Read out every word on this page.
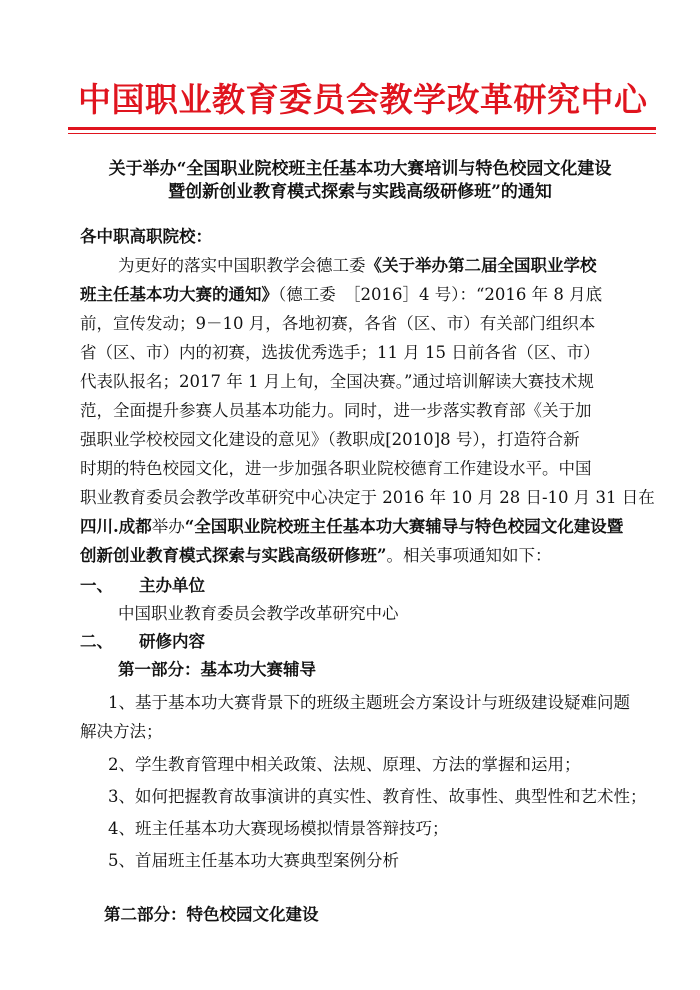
中国职业教育委员会教学改革研究中心
关于举办“全国职业院校班主任基本功大赛培训与特色校园文化建设
暨创新创业教育模式探索与实践高级研修班”的通知
各中职高职院校：
为更好的落实中国职教学会德工委《关于举办第二届全国职业学校
班主任基本功大赛的通知》（德工委　［2016］4 号）：“2016 年 8 月底
前，宣传发动；9－10 月，各地初赛，各省（区、市）有关部门组织本
省（区、市）内的初赛，选拔优秀选手；11 月 15 日前各省（区、市）
代表队报名；2017 年 1 月上旬，全国决赛。”通过培训解读大赛技术规
范，全面提升参赛人员基本功能力。同时，进一步落实教育部《关于加
强职业学校校园文化建设的意见》（教职成[2010]8 号），打造符合新
时期的特色校园文化，进一步加强各职业院校德育工作建设水平。中国
职业教育委员会教学改革研究中心决定于 2016 年 10 月 28 日-10 月 31 日在
四川.成都举办“全国职业院校班主任基本功大赛辅导与特色校园文化建设暨
创新创业教育模式探索与实践高级研修班”。相关事项通知如下：
一、 主办单位
中国职业教育委员会教学改革研究中心
二、 研修内容
第一部分：基本功大赛辅导
1、基于基本功大赛背景下的班级主题班会方案设计与班级建设疑难问题
解决方法；
2、学生教育管理中相关政策、法规、原理、方法的掌握和运用；
3、如何把握教育故事演讲的真实性、教育性、故事性、典型性和艺术性；
4、班主任基本功大赛现场模拟情景答辩技巧；
5、首届班主任基本功大赛典型案例分析
第二部分：特色校园文化建设
